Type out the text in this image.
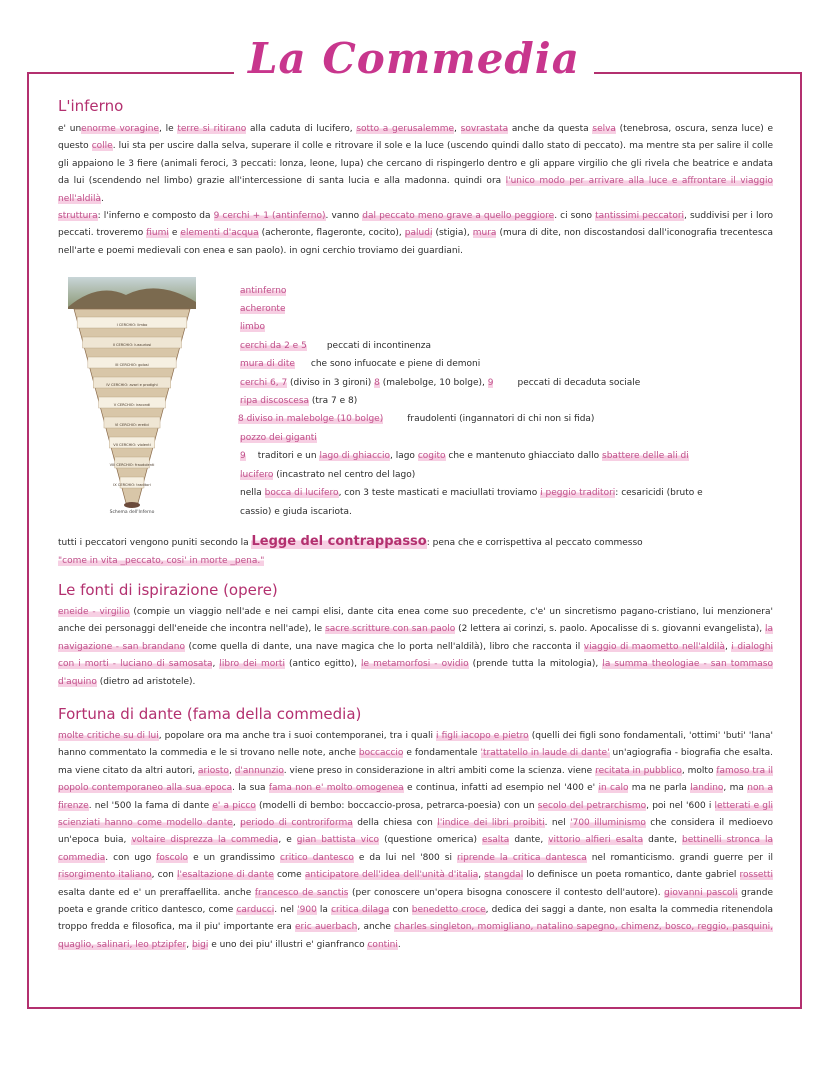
La Commedia
L'inferno

e' unenorme voragine, le terre si ritirano alla caduta di lucifero, sotto a gerusalemme, sovrastata anche da questa selva (tenebrosa, oscura, senza luce) e questo colle. lui sta per uscire dalla selva, superare il colle e ritrovare il sole e la luce (uscendo quindi dallo stato di peccato). ma mentre sta per salire il colle gli appaiono le 3 fiere (animali feroci, 3 peccati: lonza, leone, lupa) che cercano di rispingerlo dentro e gli appare virgilio che gli rivela che beatrice e andata da lui (scendendo nel limbo) grazie all'intercessione di santa lucia e alla madonna. quindi ora l'unico modo per arrivare alla luce e affrontare il viaggio nell'aldilà.
struttura: l'inferno e composto da 9 cerchi + 1 (antinferno). vanno dal peccato meno grave a quello peggiore. ci sono tantissimi peccatori, suddivisi per i loro peccati. troveremo fiumi e elementi d'acqua (acheronte, flageronte, cocito), paludi (stigia), mura (mura di dite, non discostandosi dall'iconografia trecentesca nell'arte e poemi medievali con enea e san paolo). in ogni cerchio troviamo dei guardiani.

I CERCHIO: limbo
II CERCHIO: lussuriosi
III CERCHIO: golosi
IV CERCHIO: avari e prodighi
V CERCHIO: iracondi
VI CERCHIO: eretici
VII CERCHIO: violenti
VIII CERCHIO: fraudolenti
IX CERCHIO: traditori
Schema dell'Inferno
antinferno
acheronte
limbo
cerchi da 2 e 5 peccati di incontinenza
mura di dite che sono infuocate e piene di demoni
cerchi 6, 7 (diviso in 3 gironi) 8 (malebolge, 10 bolge), 9	peccati di decaduta sociale
ripa discoscesa (tra 7 e 8)
8 diviso in malebolge (10 bolge)	fraudolenti (ingannatori di chi non si fida)
pozzo dei giganti
9 traditori e un lago di ghiaccio, lago cogito che e mantenuto ghiacciato dallo sbattere delle ali di
lucifero (incastrato nel centro del lago)
nella bocca di lucifero, con 3 teste masticati e maciullati troviamo i peggio traditori: cesaricidi (bruto e
cassio) e giuda iscariota.
tutti i peccatori vengono puniti secondo la Legge del contrappasso: pena che e corrispettiva al peccato commesso
"come in vita _peccato, cosi' in morte _pena."
Le fonti di ispirazione (opere)

eneide - virgilio (compie un viaggio nell'ade e nei campi elisi, dante cita enea come suo precedente, c'e' un sincretismo pagano-cristiano, lui menzionera' anche dei personaggi dell'eneide che incontra nell'ade), le sacre scritture con san paolo (2 lettera ai corinzi, s. paolo. Apocalisse di s. giovanni evangelista), la navigazione - san brandano (come quella di dante, una nave magica che lo porta nell'aldilà), libro che racconta il viaggio di maometto nell'aldilà, i dialoghi con i morti - luciano di samosata, libro dei morti (antico egitto), le metamorfosi - ovidio (prende tutta la mitologia), la summa theologiae - san tommaso d'aquino (dietro ad aristotele).

Fortuna di dante (fama della commedia)

molte critiche su di lui, popolare ora ma anche tra i suoi contemporanei, tra i quali i figli iacopo e pietro (quelli dei figli sono fondamentali, 'ottimi' 'buti' 'lana' hanno commentato la commedia e le si trovano nelle note, anche boccaccio e fondamentale 'trattatello in laude di dante' un'agiografia - biografia che esalta. ma viene citato da altri autori, ariosto, d'annunzio. viene preso in considerazione in altri ambiti come la scienza. viene recitata in pubblico, molto famoso tra il popolo contemporaneo alla sua epoca. la sua fama non e' molto omogenea e continua, infatti ad esempio nel '400 e' in calo ma ne parla landino, ma non a firenze. nel '500 la fama di dante e' a picco (modelli di bembo: boccaccio-prosa, petrarca-poesia) con un secolo del petrarchismo, poi nel '600 i letterati e gli scienziati hanno come modello dante, periodo di controriforma della chiesa con l'indice dei libri proibiti. nel '700 illuminismo che considera il medioevo un'epoca buia, voltaire disprezza la commedia, e gian battista vico (questione omerica) esalta dante, vittorio alfieri esalta dante, bettinelli stronca la commedia. con ugo foscolo e un grandissimo critico dantesco e da lui nel '800 si riprende la critica dantesca nel romanticismo. grandi guerre per il risorgimento italiano, con l'esaltazione di dante come anticipatore dell'idea dell'unità d'italia, stangdal lo definisce un poeta romantico, dante gabriel rossetti esalta dante ed e' un preraffaellita. anche francesco de sanctis (per conoscere un'opera bisogna conoscere il contesto dell'autore). giovanni pascoli grande poeta e grande critico dantesco, come carducci. nel '900 la critica dilaga con benedetto croce, dedica dei saggi a dante, non esalta la commedia ritenendola troppo fredda e filosofica, ma il piu' importante era eric auerbach, anche charles singleton, momigliano, natalino sapegno, chimenz, bosco, reggio, pasquini, quaglio, salinari, leo ptzipfer, bigi e uno dei piu' illustri e' gianfranco contini.
